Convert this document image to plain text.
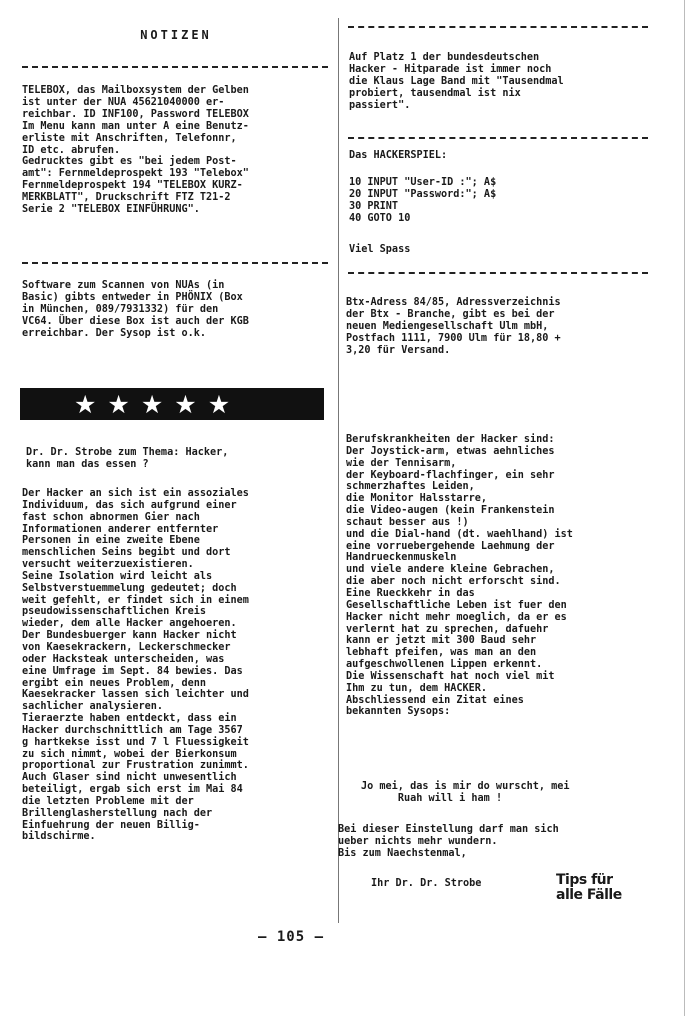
NOTIZEN
TELEBOX, das Mailboxsystem der Gelben
ist unter der NUA 45621040000 er-
reichbar. ID INF100, Password TELEBOX
Im Menu kann man unter A eine Benutz-
erliste mit Anschriften, Telefonnr,
ID etc. abrufen.
Gedrucktes gibt es "bei jedem Post-
amt": Fernmeldeprospekt 193 "Telebox"
Fernmeldeprospekt 194 "TELEBOX KURZ-
MERKBLATT", Druckschrift FTZ T21-2
Serie 2 "TELEBOX EINFÜHRUNG".
Software zum Scannen von NUAs (in
Basic) gibts entweder in PHÖNIX (Box
in München, 089/7931332) für den
VC64. Über diese Box ist auch der KGB
erreichbar. Der Sysop ist o.k.
★ ★ ★ ★ ★
Dr. Dr. Strobe zum Thema: Hacker,
kann man das essen ?
Der Hacker an sich ist ein assoziales
Individuum, das sich aufgrund einer
fast schon abnormen Gier nach
Informationen anderer entfernter
Personen in eine zweite Ebene
menschlichen Seins begibt und dort
versucht weiterzuexistieren.
Seine Isolation wird leicht als
Selbstverstuemmelung gedeutet; doch
weit gefehlt, er findet sich in einem
pseudowissenschaftlichen Kreis
wieder, dem alle Hacker angehoeren.
Der Bundesbuerger kann Hacker nicht
von Kaesekrackern, Leckerschmecker
oder Hacksteak unterscheiden, was
eine Umfrage im Sept. 84 bewies. Das
ergibt ein neues Problem, denn
Kaesekracker lassen sich leichter und
sachlicher analysieren.
Tieraerzte haben entdeckt, dass ein
Hacker durchschnittlich am Tage 3567
g hartkekse isst und 7 l Fluessigkeit
zu sich nimmt, wobei der Bierkonsum
proportional zur Frustration zunimmt.
Auch Glaser sind nicht unwesentlich
beteiligt, ergab sich erst im Mai 84
die letzten Probleme mit der
Brillenglasherstellung nach der
Einfuehrung der neuen Billig-
bildschirme.
Auf Platz 1 der bundesdeutschen
Hacker - Hitparade ist immer noch
die Klaus Lage Band mit "Tausendmal
probiert, tausendmal ist nix
passiert".
Das HACKERSPIEL:
10 INPUT "User-ID :"; A$
20 INPUT "Password:"; A$
30 PRINT
40 GOTO 10
Viel Spass
Btx-Adress 84/85, Adressverzeichnis
der Btx - Branche, gibt es bei der
neuen Mediengesellschaft Ulm mbH,
Postfach 1111, 7900 Ulm für 18,80 +
3,20 für Versand.
Berufskrankheiten der Hacker sind:
Der Joystick-arm, etwas aehnliches
wie der Tennisarm,
der Keyboard-flachfinger, ein sehr
schmerzhaftes Leiden,
die Monitor Halsstarre,
die Video-augen (kein Frankenstein
schaut besser aus !)
und die Dial-hand (dt. waehlhand) ist
eine vorruebergehende Laehmung der
Handrueckenmuskeln
und viele andere kleine Gebrachen,
die aber noch nicht erforscht sind.
Eine Rueckkehr in das
Gesellschaftliche Leben ist fuer den
Hacker nicht mehr moeglich, da er es
verlernt hat zu sprechen, dafuehr
kann er jetzt mit 300 Baud sehr
lebhaft pfeifen, was man an den
aufgeschwollenen Lippen erkennt.
Die Wissenschaft hat noch viel mit
Ihm zu tun, dem HACKER.
Abschliessend ein Zitat eines
bekannten Sysops:
Jo mei, das is mir do wurscht, mei
Ruah will i ham !
Bei dieser Einstellung darf man sich
ueber nichts mehr wundern.
Bis zum Naechstenmal,
Ihr Dr. Dr. Strobe	Tips für
alle Fälle
— 105 —
